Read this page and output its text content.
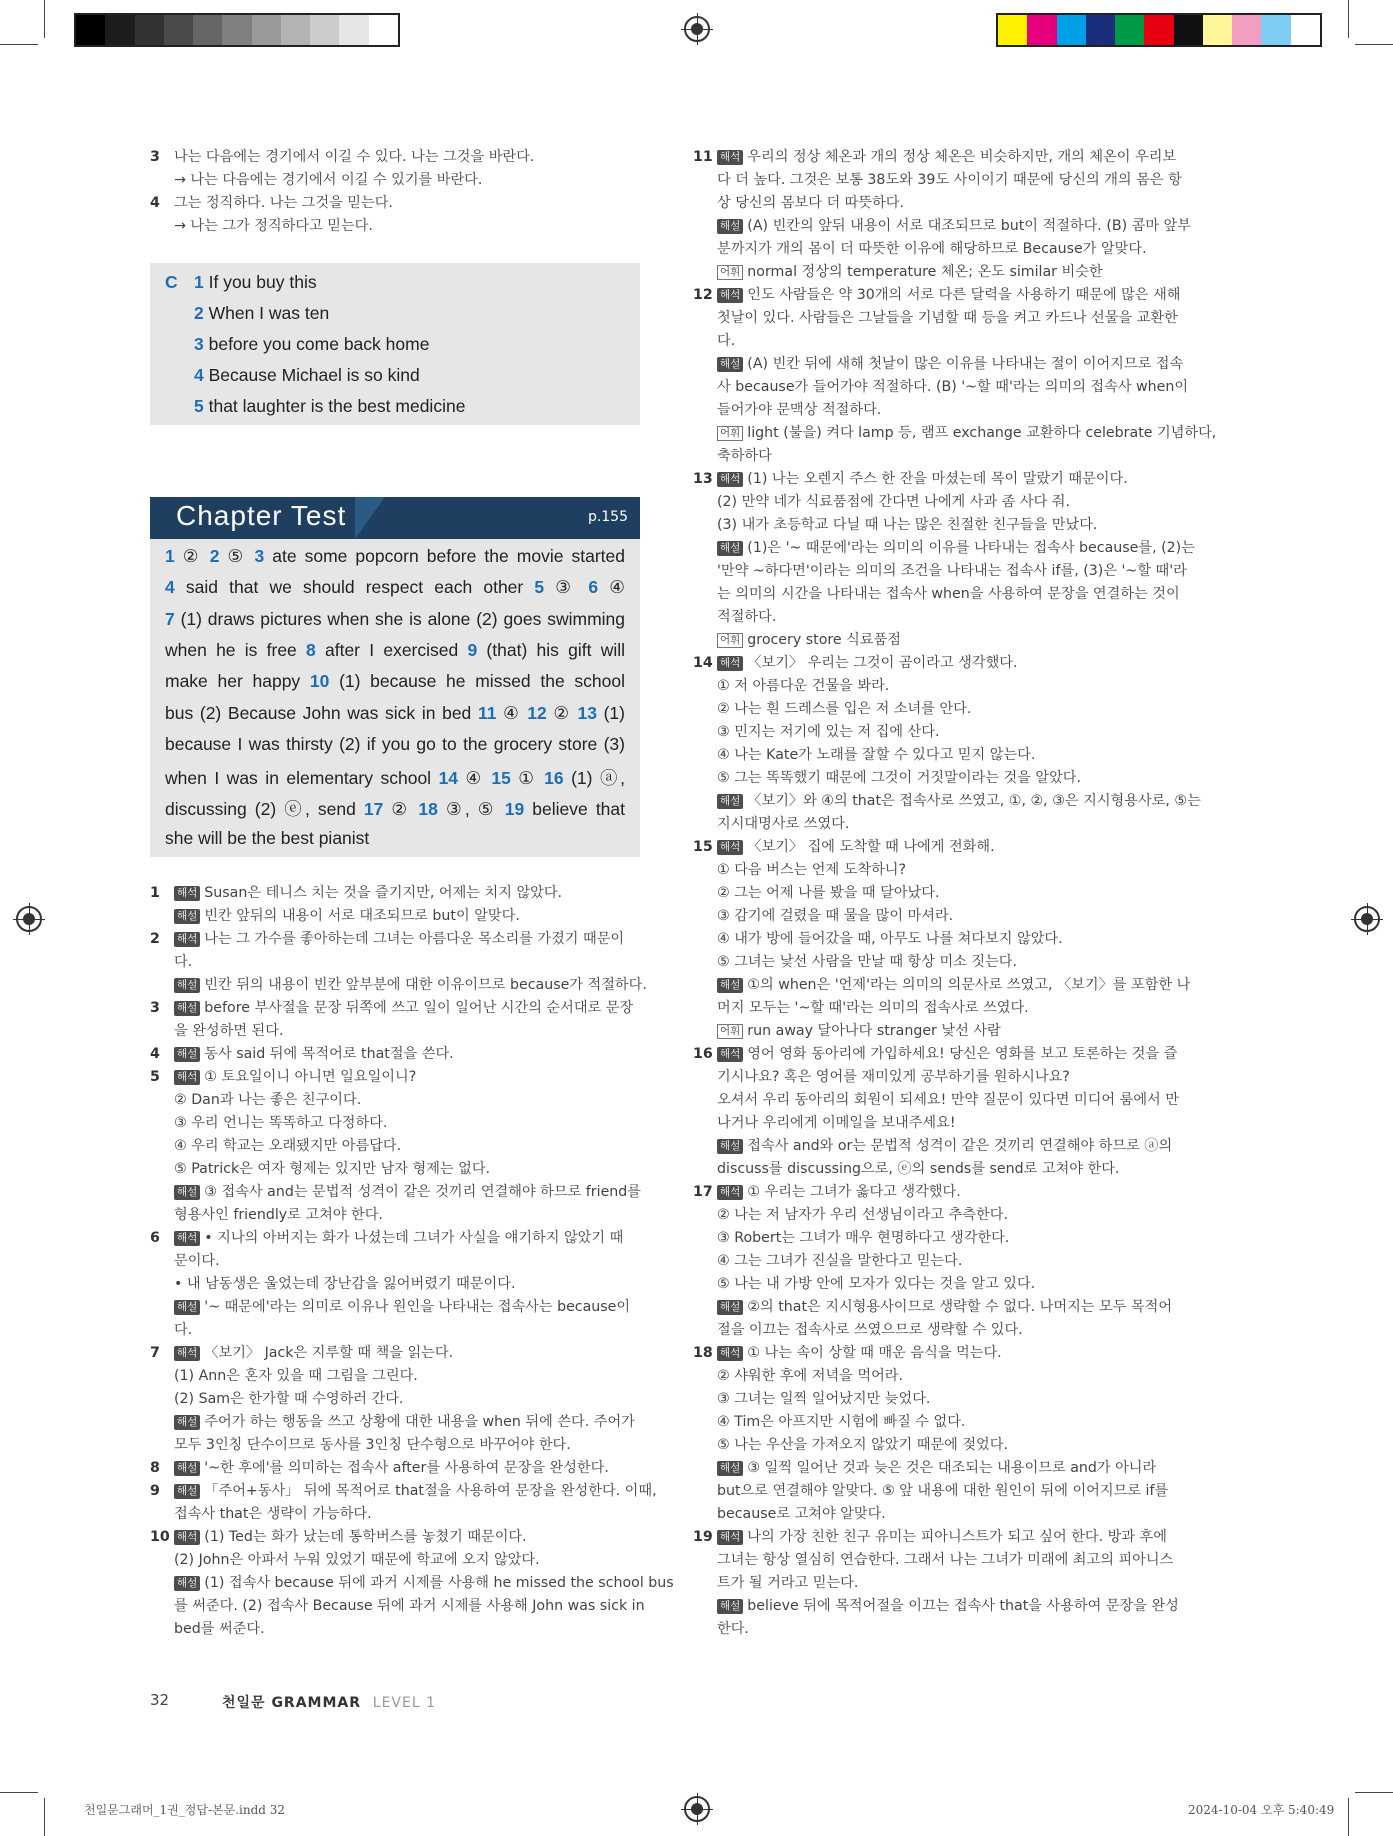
3 나는 다음에는 경기에서 이길 수 있다. 나는 그것을 바란다.
→ 나는 다음에는 경기에서 이길 수 있기를 바란다.
4 그는 정직하다. 나는 그것을 믿는다.
→ 나는 그가 정직하다고 믿는다.
C 1 If you buy this
2 When I was ten
3 before you come back home
4 Because Michael is so kind
5 that laughter is the best medicine
Chapter Test	p.155
1 ② 2 ⑤ 3 ate some popcorn before the movie started
4 said that we should respect each other 5 ③ 6 ④
7 (1) draws pictures when she is alone (2) goes swimming
when he is free 8 after I exercised 9 (that) his gift will
make her happy 10 (1) because he missed the school
bus (2) Because John was sick in bed 11 ④ 12 ② 13 (1)
because I was thirsty (2) if you go to the grocery store (3)
when I was in elementary school 14 ④ 15 ① 16 (1) ⓐ,
discussing (2) ⓔ, send 17 ② 18 ③, ⑤ 19 believe that
she will be the best pianist
1 해석 Susan은 테니스 치는 것을 즐기지만, 어제는 치지 않았다.
해설 빈칸 앞뒤의 내용이 서로 대조되므로 but이 알맞다.
2 해석 나는 그 가수를 좋아하는데 그녀는 아름다운 목소리를 가졌기 때문이
다.
해설 빈칸 뒤의 내용이 빈칸 앞부분에 대한 이유이므로 because가 적절하다.
3 해설 before 부사절을 문장 뒤쪽에 쓰고 일이 일어난 시간의 순서대로 문장
을 완성하면 된다.
4 해설 동사 said 뒤에 목적어로 that절을 쓴다.
5 해석 ① 토요일이니 아니면 일요일이니?
② Dan과 나는 좋은 친구이다.
③ 우리 언니는 똑똑하고 다정하다.
④ 우리 학교는 오래됐지만 아름답다.
⑤ Patrick은 여자 형제는 있지만 남자 형제는 없다.
해설 ③ 접속사 and는 문법적 성격이 같은 것끼리 연결해야 하므로 friend를
형용사인 friendly로 고쳐야 한다.
6 해석 • 지나의 아버지는 화가 나셨는데 그녀가 사실을 얘기하지 않았기 때
문이다.
• 내 남동생은 울었는데 장난감을 잃어버렸기 때문이다.
해설 '~ 때문에'라는 의미로 이유나 원인을 나타내는 접속사는 because이
다.
7 해석 〈보기〉 Jack은 지루할 때 책을 읽는다.
(1) Ann은 혼자 있을 때 그림을 그린다.
(2) Sam은 한가할 때 수영하러 간다.
해설 주어가 하는 행동을 쓰고 상황에 대한 내용을 when 뒤에 쓴다. 주어가
모두 3인칭 단수이므로 동사를 3인칭 단수형으로 바꾸어야 한다.
8 해설 '~한 후에'를 의미하는 접속사 after를 사용하여 문장을 완성한다.
9 해설 「주어+동사」 뒤에 목적어로 that절을 사용하여 문장을 완성한다. 이때,
접속사 that은 생략이 가능하다.
10 해석 (1) Ted는 화가 났는데 통학버스를 놓쳤기 때문이다.
(2) John은 아파서 누워 있었기 때문에 학교에 오지 않았다.
해설 (1) 접속사 because 뒤에 과거 시제를 사용해 he missed the school bus
를 써준다. (2) 접속사 Because 뒤에 과거 시제를 사용해 John was sick in
bed를 써준다.
11 해석 우리의 정상 체온과 개의 정상 체온은 비슷하지만, 개의 체온이 우리보
다 더 높다. 그것은 보통 38도와 39도 사이이기 때문에 당신의 개의 몸은 항
상 당신의 몸보다 더 따뜻하다.
해설 (A) 빈칸의 앞뒤 내용이 서로 대조되므로 but이 적절하다. (B) 콤마 앞부
분까지가 개의 몸이 더 따뜻한 이유에 해당하므로 Because가 알맞다.
어휘 normal 정상의 temperature 체온; 온도 similar 비슷한
12 해석 인도 사람들은 약 30개의 서로 다른 달력을 사용하기 때문에 많은 새해
첫날이 있다. 사람들은 그날들을 기념할 때 등을 켜고 카드나 선물을 교환한
다.
해설 (A) 빈칸 뒤에 새해 첫날이 많은 이유를 나타내는 절이 이어지므로 접속
사 because가 들어가야 적절하다. (B) '~할 때'라는 의미의 접속사 when이
들어가야 문맥상 적절하다.
어휘 light (불을) 켜다 lamp 등, 램프 exchange 교환하다 celebrate 기념하다,
축하하다
13 해석 (1) 나는 오렌지 주스 한 잔을 마셨는데 목이 말랐기 때문이다.
(2) 만약 네가 식료품점에 간다면 나에게 사과 좀 사다 줘.
(3) 내가 초등학교 다닐 때 나는 많은 친절한 친구들을 만났다.
해설 (1)은 '~ 때문에'라는 의미의 이유를 나타내는 접속사 because를, (2)는
'만약 ~하다면'이라는 의미의 조건을 나타내는 접속사 if를, (3)은 '~할 때'라
는 의미의 시간을 나타내는 접속사 when을 사용하여 문장을 연결하는 것이
적절하다.
어휘 grocery store 식료품점
14 해석 〈보기〉 우리는 그것이 곰이라고 생각했다.
① 저 아름다운 건물을 봐라.
② 나는 흰 드레스를 입은 저 소녀를 안다.
③ 민지는 저기에 있는 저 집에 산다.
④ 나는 Kate가 노래를 잘할 수 있다고 믿지 않는다.
⑤ 그는 똑똑했기 때문에 그것이 거짓말이라는 것을 알았다.
해설 〈보기〉와 ④의 that은 접속사로 쓰였고, ①, ②, ③은 지시형용사로, ⑤는
지시대명사로 쓰였다.
15 해석 〈보기〉 집에 도착할 때 나에게 전화해.
① 다음 버스는 언제 도착하니?
② 그는 어제 나를 봤을 때 달아났다.
③ 감기에 걸렸을 때 물을 많이 마셔라.
④ 내가 방에 들어갔을 때, 아무도 나를 쳐다보지 않았다.
⑤ 그녀는 낯선 사람을 만날 때 항상 미소 짓는다.
해설 ①의 when은 '언제'라는 의미의 의문사로 쓰였고, 〈보기〉를 포함한 나
머지 모두는 '~할 때'라는 의미의 접속사로 쓰였다.
어휘 run away 달아나다 stranger 낯선 사람
16 해석 영어 영화 동아리에 가입하세요! 당신은 영화를 보고 토론하는 것을 즐
기시나요? 혹은 영어를 재미있게 공부하기를 원하시나요?
오셔서 우리 동아리의 회원이 되세요! 만약 질문이 있다면 미디어 룸에서 만
나거나 우리에게 이메일을 보내주세요!
해설 접속사 and와 or는 문법적 성격이 같은 것끼리 연결해야 하므로 ⓐ의
discuss를 discussing으로, ⓔ의 sends를 send로 고쳐야 한다.
17 해석 ① 우리는 그녀가 옳다고 생각했다.
② 나는 저 남자가 우리 선생님이라고 추측한다.
③ Robert는 그녀가 매우 현명하다고 생각한다.
④ 그는 그녀가 진실을 말한다고 믿는다.
⑤ 나는 내 가방 안에 모자가 있다는 것을 알고 있다.
해설 ②의 that은 지시형용사이므로 생략할 수 없다. 나머지는 모두 목적어
절을 이끄는 접속사로 쓰였으므로 생략할 수 있다.
18 해석 ① 나는 속이 상할 때 매운 음식을 먹는다.
② 샤워한 후에 저녁을 먹어라.
③ 그녀는 일찍 일어났지만 늦었다.
④ Tim은 아프지만 시험에 빠질 수 없다.
⑤ 나는 우산을 가져오지 않았기 때문에 젖었다.
해설 ③ 일찍 일어난 것과 늦은 것은 대조되는 내용이므로 and가 아니라
but으로 연결해야 알맞다. ⑤ 앞 내용에 대한 원인이 뒤에 이어지므로 if를
because로 고쳐야 알맞다.
19 해석 나의 가장 친한 친구 유미는 피아니스트가 되고 싶어 한다. 방과 후에
그녀는 항상 열심히 연습한다. 그래서 나는 그녀가 미래에 최고의 피아니스
트가 될 거라고 믿는다.
해설 believe 뒤에 목적어절을 이끄는 접속사 that을 사용하여 문장을 완성
한다.
32	천일문 GRAMMAR LEVEL 1
천일문그래머_1권_정답-본문.indd 32	2024-10-04 오후 5:40:49
